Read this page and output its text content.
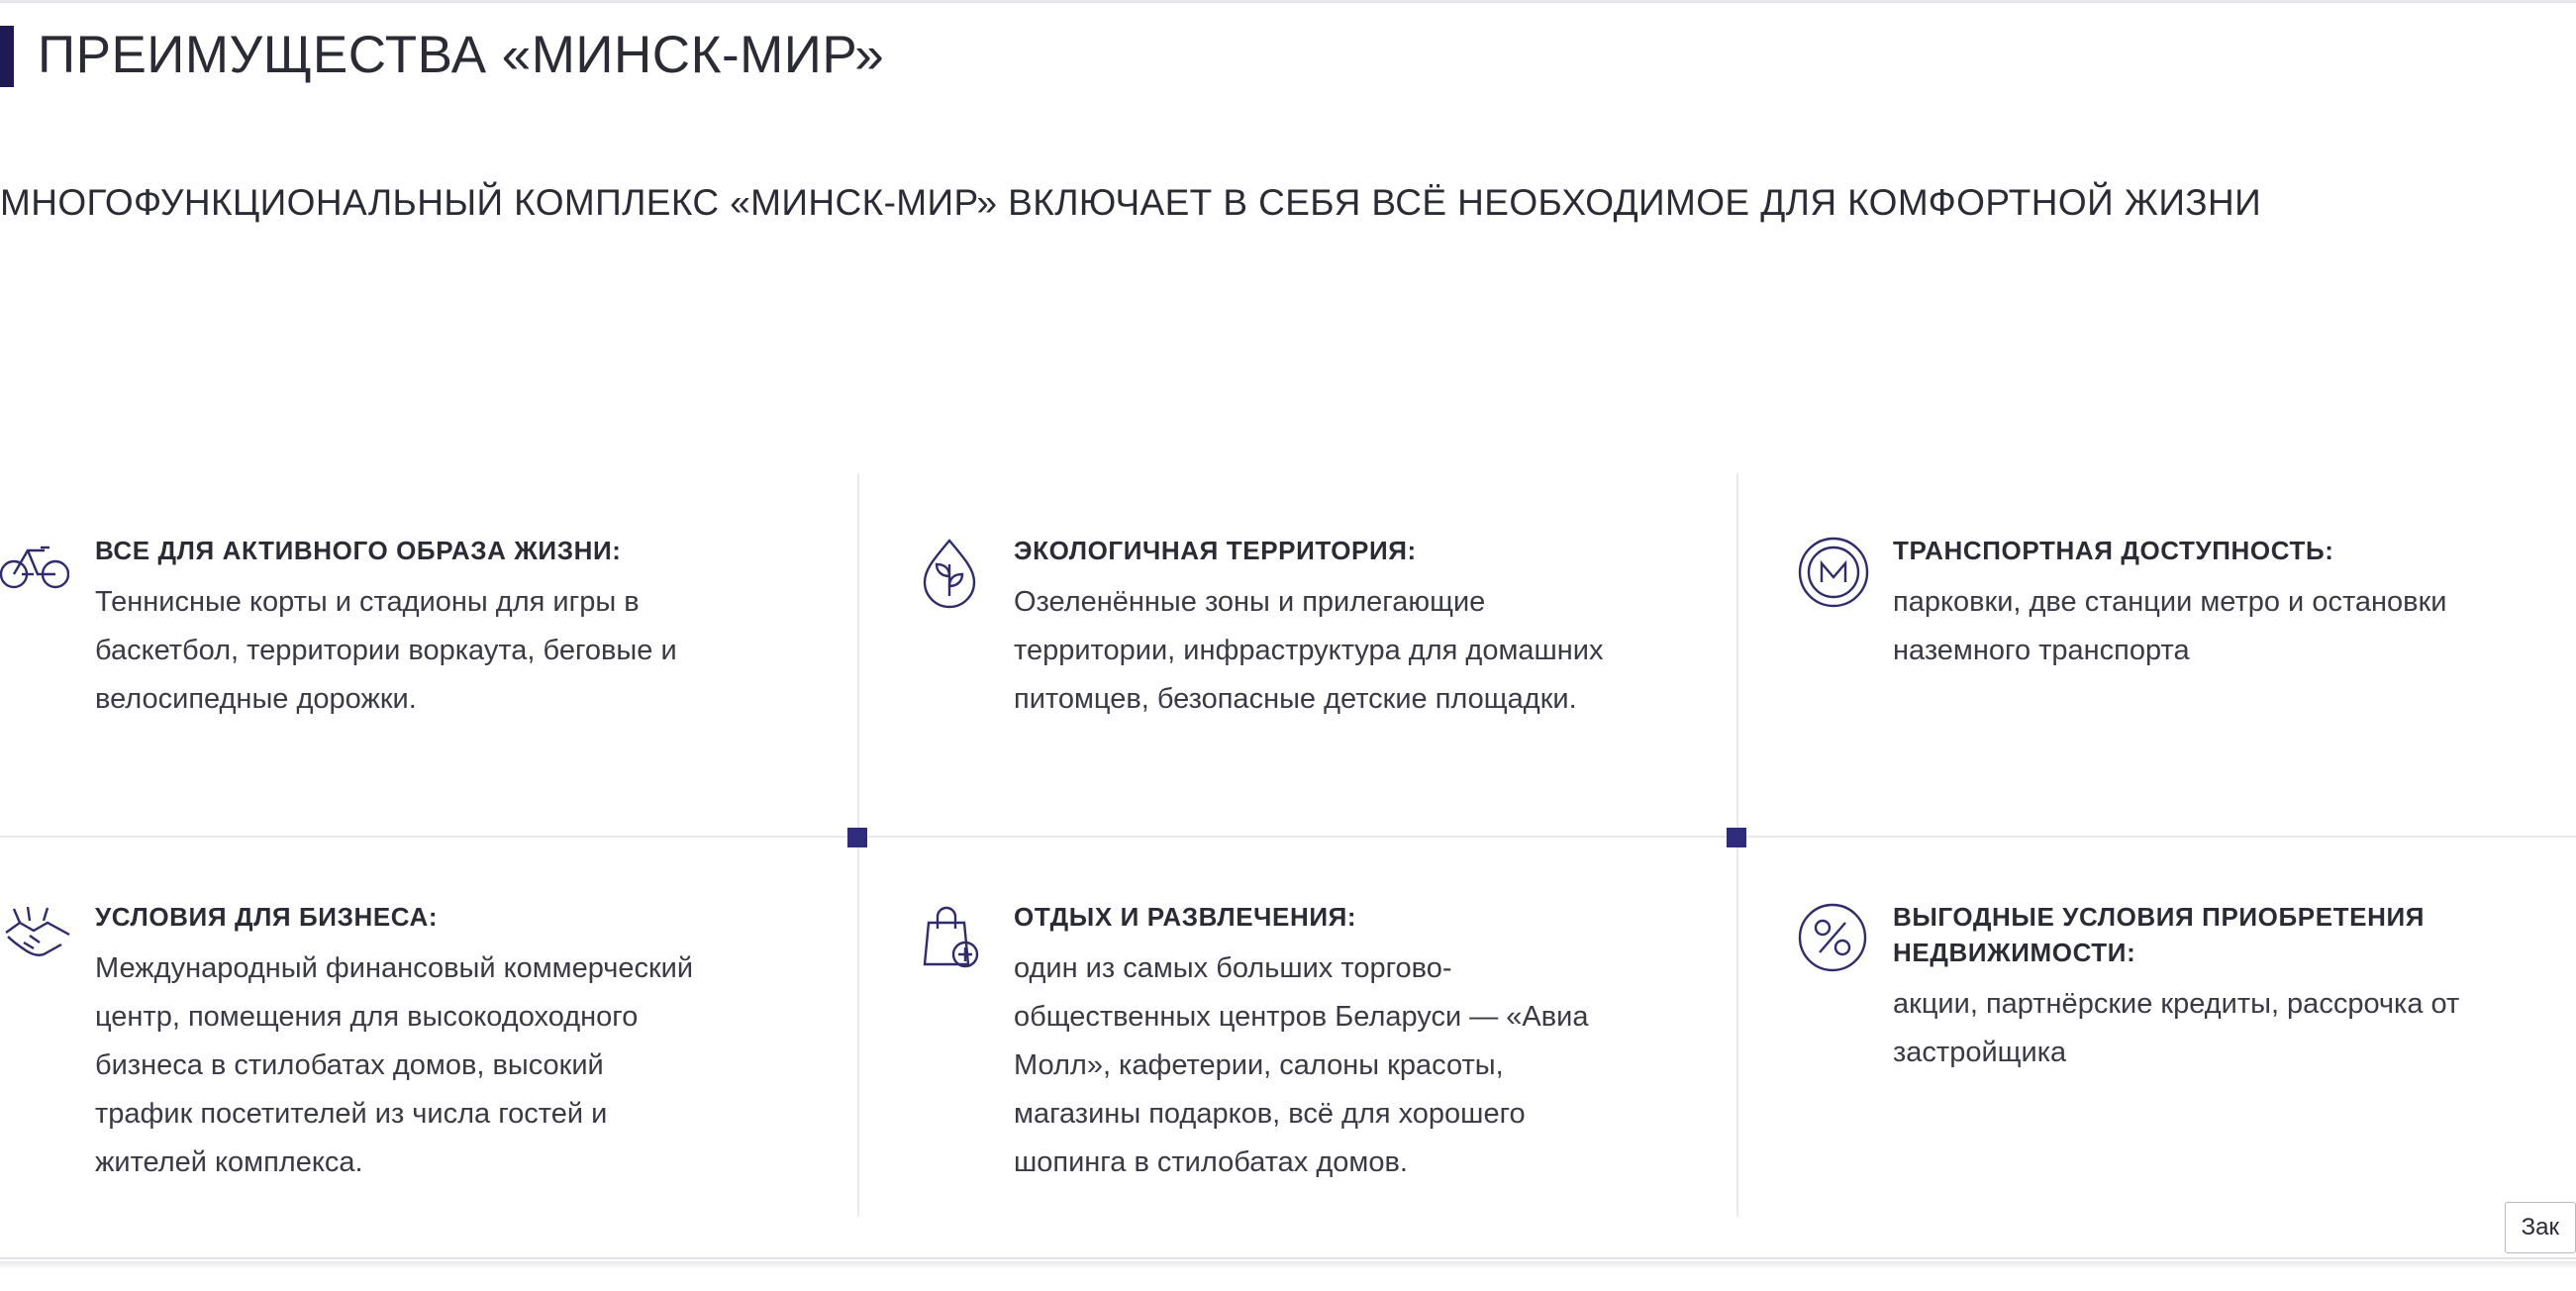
ПРЕИМУЩЕСТВА «МИНСК-МИР»

МНОГОФУНКЦИОНАЛЬНЫЙ КОМПЛЕКС «МИНСК-МИР» ВКЛЮЧАЕТ В СЕБЯ ВСЁ НЕОБХОДИМОЕ ДЛЯ КОМФОРТНОЙ ЖИЗНИ

ВСЕ ДЛЯ АКТИВНОГО ОБРАЗА ЖИЗНИ:
Теннисные корты и стадионы для игры в баскетбол, территории воркаута, беговые и велосипедные дорожки.
ЭКОЛОГИЧНАЯ ТЕРРИТОРИЯ:
Озеленённые зоны и прилегающие территории, инфраструктура для домашних питомцев, безопасные детские площадки.
ТРАНСПОРТНАЯ ДОСТУПНОСТЬ:
парковки, две станции метро и остановки наземного транспорта
УСЛОВИЯ ДЛЯ БИЗНЕСА:
Международный финансовый коммерческий центр, помещения для высокодоходного бизнеса в стилобатах домов, высокий трафик посетителей из числа гостей и жителей комплекса.
ОТДЫХ И РАЗВЛЕЧЕНИЯ:
один из самых больших торгово-общественных центров Беларуси — «Авиа Молл», кафетерии, салоны красоты, магазины подарков, всё для хорошего шопинга в стилобатах домов.
ВЫГОДНЫЕ УСЛОВИЯ ПРИОБРЕТЕНИЯ НЕДВИЖИМОСТИ:
акции, партнёрские кредиты, рассрочка от застройщика
Зак
